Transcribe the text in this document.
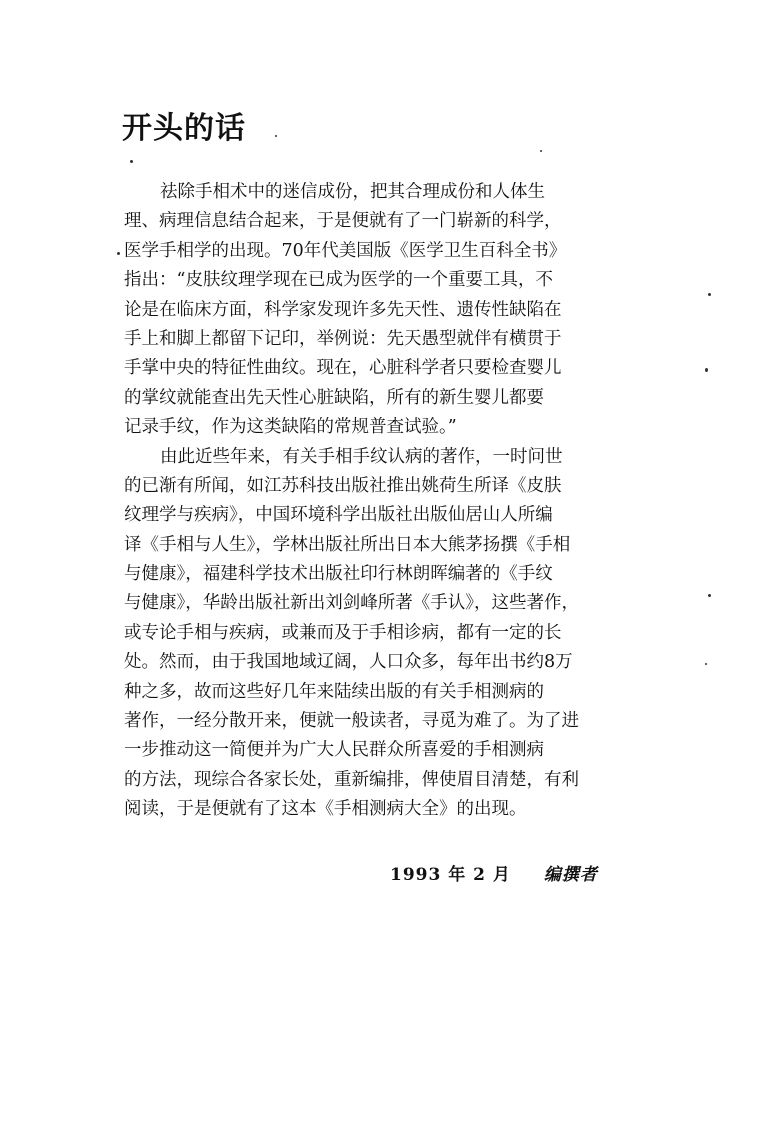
开头的话
祛除手相术中的迷信成份，把其合理成份和人体生
理、病理信息结合起来，于是便就有了一门崭新的科学，
医学手相学的出现。70年代美国版《医学卫生百科全书》
指出：“皮肤纹理学现在已成为医学的一个重要工具，不
论是在临床方面，科学家发现许多先天性、遗传性缺陷在
手上和脚上都留下记印，举例说：先天愚型就伴有横贯于
手掌中央的特征性曲纹。现在，心脏科学者只要检查婴儿
的掌纹就能查出先天性心脏缺陷，所有的新生婴儿都要
记录手纹，作为这类缺陷的常规普查试验。”
由此近些年来，有关手相手纹认病的著作，一时问世
的已渐有所闻，如江苏科技出版社推出姚荷生所译《皮肤
纹理学与疾病》，中国环境科学出版社出版仙居山人所编
译《手相与人生》，学林出版社所出日本大熊茅扬撰《手相
与健康》，福建科学技术出版社印行林朗晖编著的《手纹
与健康》，华龄出版社新出刘剑峰所著《手认》，这些著作，
或专论手相与疾病，或兼而及于手相诊病，都有一定的长
处。然而，由于我国地域辽阔，人口众多，每年出书约8万
种之多，故而这些好几年来陆续出版的有关手相测病的
著作，一经分散开来，便就一般读者，寻觅为难了。为了进
一步推动这一简便并为广大人民群众所喜爱的手相测病
的方法，现综合各家长处，重新编排，俾使眉目清楚，有利
阅读，于是便就有了这本《手相测病大全》的出现。
1993 年 2 月 编撰者
